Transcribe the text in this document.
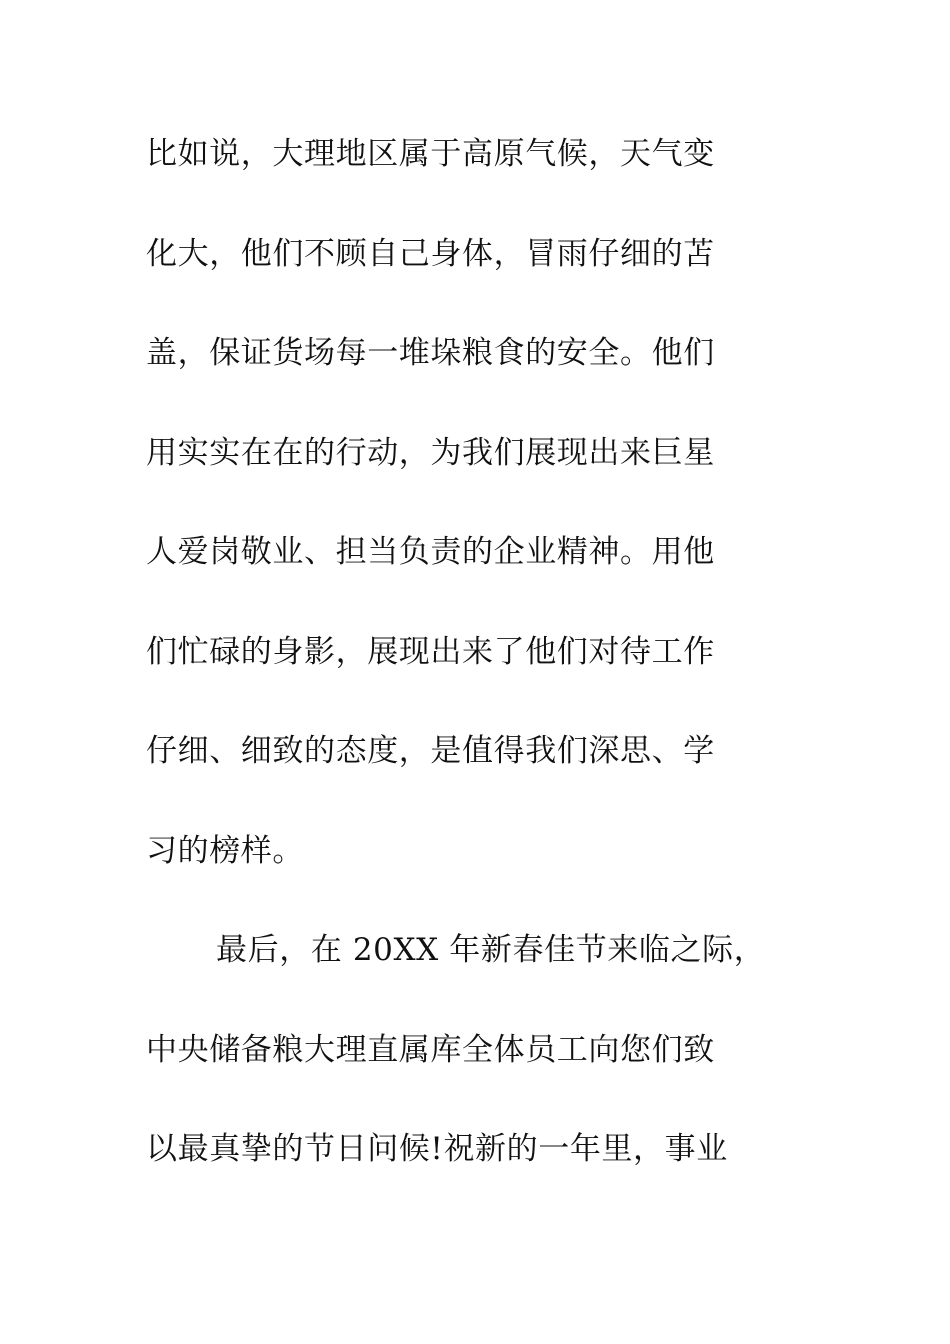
比如说，大理地区属于高原气候，天气变
化大，他们不顾自己身体，冒雨仔细的苫
盖，保证货场每一堆垛粮食的安全。他们
用实实在在的行动，为我们展现出来巨星
人爱岗敬业、担当负责的企业精神。用他
们忙碌的身影，展现出来了他们对待工作
仔细、细致的态度，是值得我们深思、学
习的榜样。
最后，在 20XX 年新春佳节来临之际，
中央储备粮大理直属库全体员工向您们致
以最真挚的节日问候!祝新的一年里，事业
